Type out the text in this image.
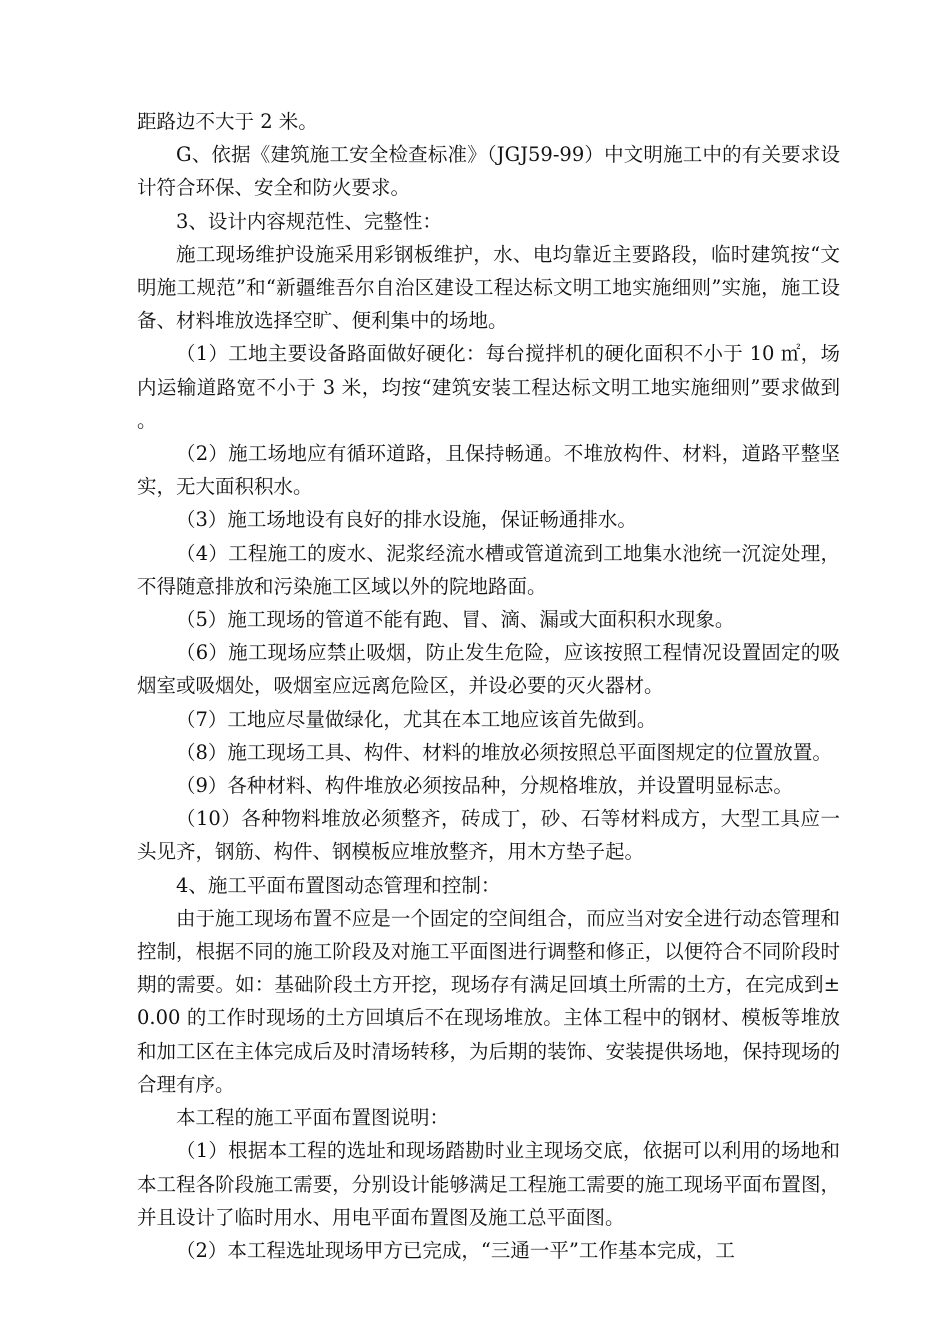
距路边不大于 2 米。

G、依据《建筑施工安全检查标准》（JGJ59-99）中文明施工中的有关要求设计符合环保、安全和防火要求。

3、设计内容规范性、完整性：

施工现场维护设施采用彩钢板维护，水、电均靠近主要路段，临时建筑按“文明施工规范”和“新疆维吾尔自治区建设工程达标文明工地实施细则”实施，施工设备、材料堆放选择空旷、便利集中的场地。

（1）工地主要设备路面做好硬化：每台搅拌机的硬化面积不小于 10 ㎡，场内运输道路宽不小于 3 米，均按“建筑安装工程达标文明工地实施细则”要求做到。

（2）施工场地应有循环道路，且保持畅通。不堆放构件、材料，道路平整坚实，无大面积积水。

（3）施工场地设有良好的排水设施，保证畅通排水。

（4）工程施工的废水、泥浆经流水槽或管道流到工地集水池统一沉淀处理，不得随意排放和污染施工区域以外的院地路面。

（5）施工现场的管道不能有跑、冒、滴、漏或大面积积水现象。

（6）施工现场应禁止吸烟，防止发生危险，应该按照工程情况设置固定的吸烟室或吸烟处，吸烟室应远离危险区，并设必要的灭火器材。

（7）工地应尽量做绿化，尤其在本工地应该首先做到。

（8）施工现场工具、构件、材料的堆放必须按照总平面图规定的位置放置。

（9）各种材料、构件堆放必须按品种，分规格堆放，并设置明显标志。

（10）各种物料堆放必须整齐，砖成丁，砂、石等材料成方，大型工具应一头见齐，钢筋、构件、钢模板应堆放整齐，用木方垫子起。

4、施工平面布置图动态管理和控制：

由于施工现场布置不应是一个固定的空间组合，而应当对安全进行动态管理和控制，根据不同的施工阶段及对施工平面图进行调整和修正，以便符合不同阶段时期的需要。如：基础阶段土方开挖，现场存有满足回填土所需的土方，在完成到±0.00 的工作时现场的土方回填后不在现场堆放。主体工程中的钢材、模板等堆放和加工区在主体完成后及时清场转移，为后期的装饰、安装提供场地，保持现场的合理有序。

本工程的施工平面布置图说明：

（1）根据本工程的选址和现场踏勘时业主现场交底，依据可以利用的场地和本工程各阶段施工需要，分别设计能够满足工程施工需要的施工现场平面布置图，并且设计了临时用水、用电平面布置图及施工总平面图。

（2）本工程选址现场甲方已完成，“三通一平”工作基本完成，工
